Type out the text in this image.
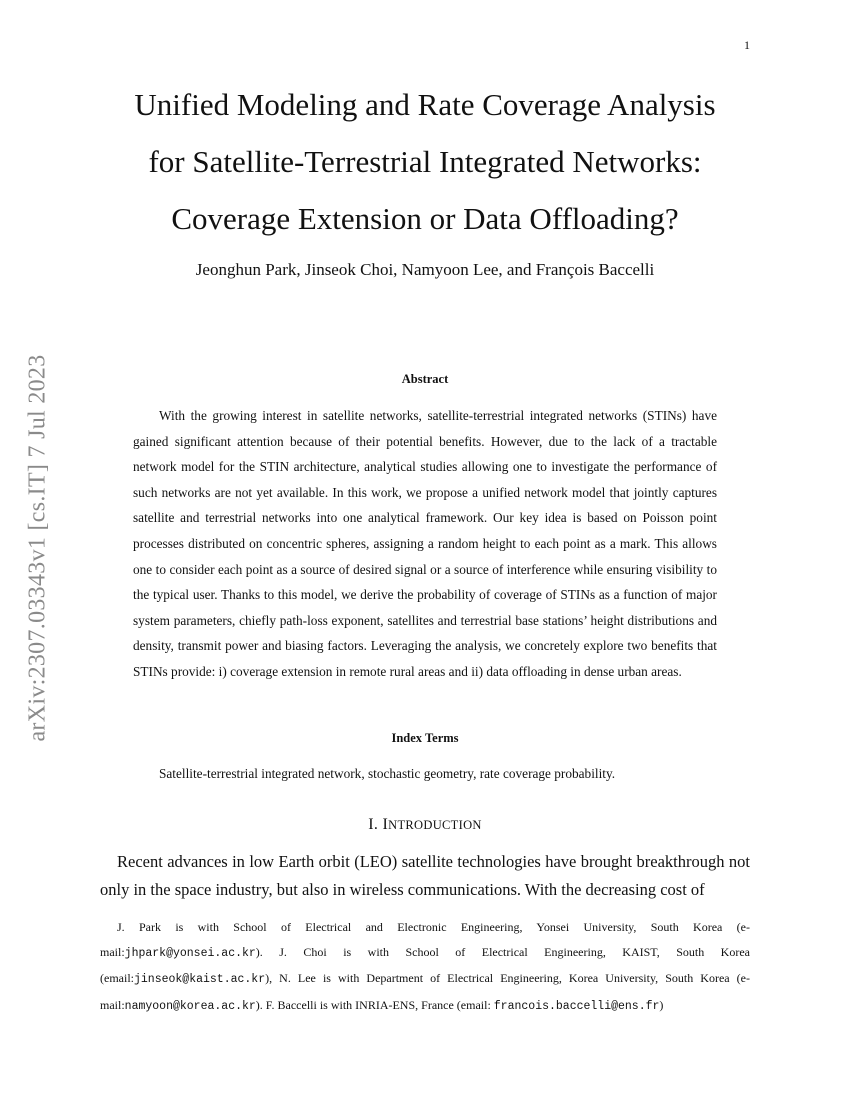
1
arXiv:2307.03343v1 [cs.IT] 7 Jul 2023
Unified Modeling and Rate Coverage Analysis
for Satellite-Terrestrial Integrated Networks:
Coverage Extension or Data Offloading?
Jeonghun Park, Jinseok Choi, Namyoon Lee, and François Baccelli
Abstract
With the growing interest in satellite networks, satellite-terrestrial integrated networks (STINs) have gained significant attention because of their potential benefits. However, due to the lack of a tractable network model for the STIN architecture, analytical studies allowing one to investigate the performance of such networks are not yet available. In this work, we propose a unified network model that jointly captures satellite and terrestrial networks into one analytical framework. Our key idea is based on Poisson point processes distributed on concentric spheres, assigning a random height to each point as a mark. This allows one to consider each point as a source of desired signal or a source of interference while ensuring visibility to the typical user. Thanks to this model, we derive the probability of coverage of STINs as a function of major system parameters, chiefly path-loss exponent, satellites and terrestrial base stations’ height distributions and density, transmit power and biasing factors. Leveraging the analysis, we concretely explore two benefits that STINs provide: i) coverage extension in remote rural areas and ii) data offloading in dense urban areas.
Index Terms
Satellite-terrestrial integrated network, stochastic geometry, rate coverage probability.
I. INTRODUCTION
Recent advances in low Earth orbit (LEO) satellite technologies have brought breakthrough not only in the space industry, but also in wireless communications. With the decreasing cost of
J. Park is with School of Electrical and Electronic Engineering, Yonsei University, South Korea (e-mail:jhpark@yonsei.ac.kr). J. Choi is with School of Electrical Engineering, KAIST, South Korea (email:jinseok@kaist.ac.kr), N. Lee is with Department of Electrical Engineering, Korea University, South Korea (e-mail:namyoon@korea.ac.kr). F. Baccelli is with INRIA-ENS, France (email: francois.baccelli@ens.fr)
